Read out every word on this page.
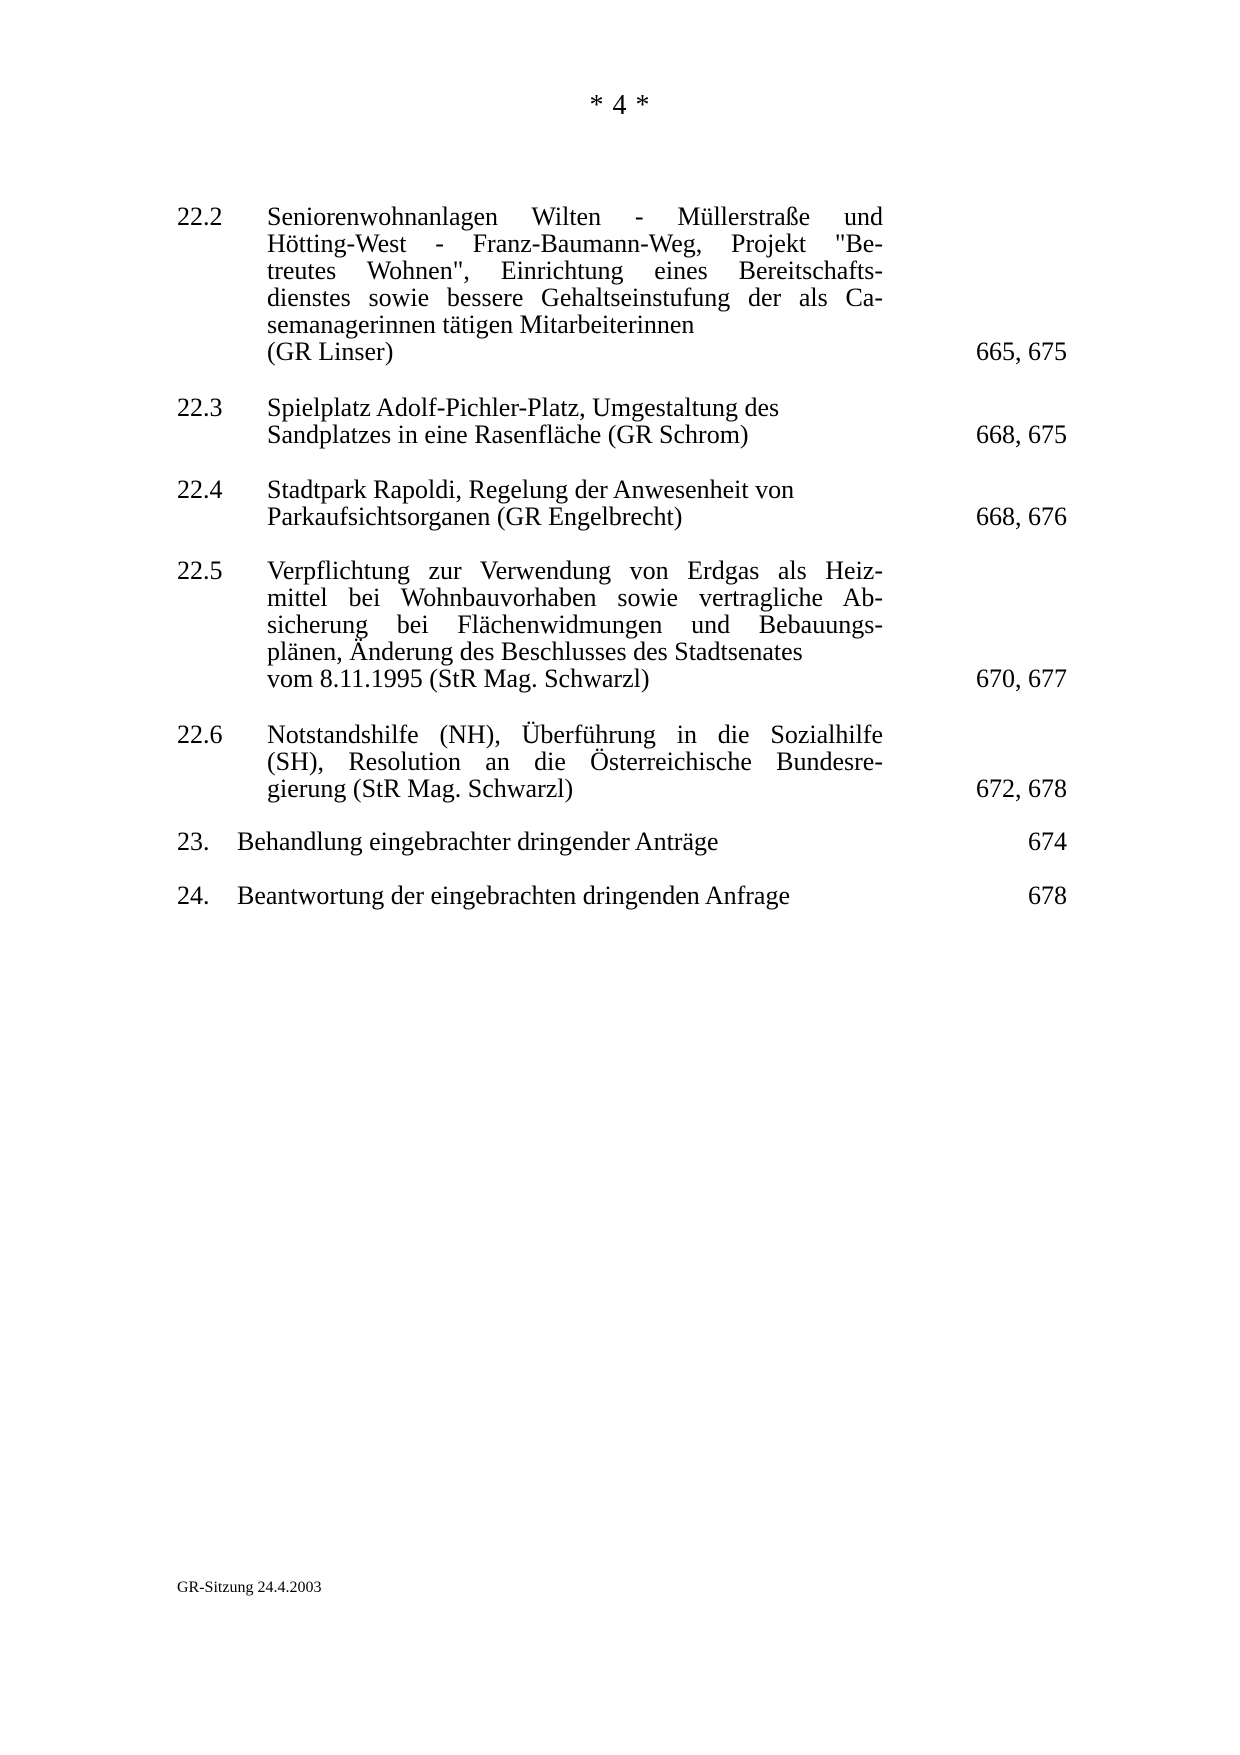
* 4 *
22.2 Seniorenwohnanlagen Wilten - Müllerstraße und
Hötting-West - Franz-Baumann-Weg, Projekt "Be-
treutes Wohnen", Einrichtung eines Bereitschafts-
dienstes sowie bessere Gehaltseinstufung der als Ca-
semanagerinnen tätigen Mitarbeiterinnen
(GR Linser)	665, 675
22.3 Spielplatz Adolf-Pichler-Platz, Umgestaltung des
Sandplatzes in eine Rasenfläche (GR Schrom)	668, 675
22.4 Stadtpark Rapoldi, Regelung der Anwesenheit von
Parkaufsichtsorganen (GR Engelbrecht)	668, 676
22.5 Verpflichtung zur Verwendung von Erdgas als Heiz-
mittel bei Wohnbauvorhaben sowie vertragliche Ab-
sicherung bei Flächenwidmungen und Bebauungs-
plänen, Änderung des Beschlusses des Stadtsenates
vom 8.11.1995 (StR Mag. Schwarzl)	670, 677
22.6 Notstandshilfe (NH), Überführung in die Sozialhilfe
(SH), Resolution an die Österreichische Bundesre-
gierung (StR Mag. Schwarzl)	672, 678
23. Behandlung eingebrachter dringender Anträge	674
24. Beantwortung der eingebrachten dringenden Anfrage	678
GR-Sitzung 24.4.2003
